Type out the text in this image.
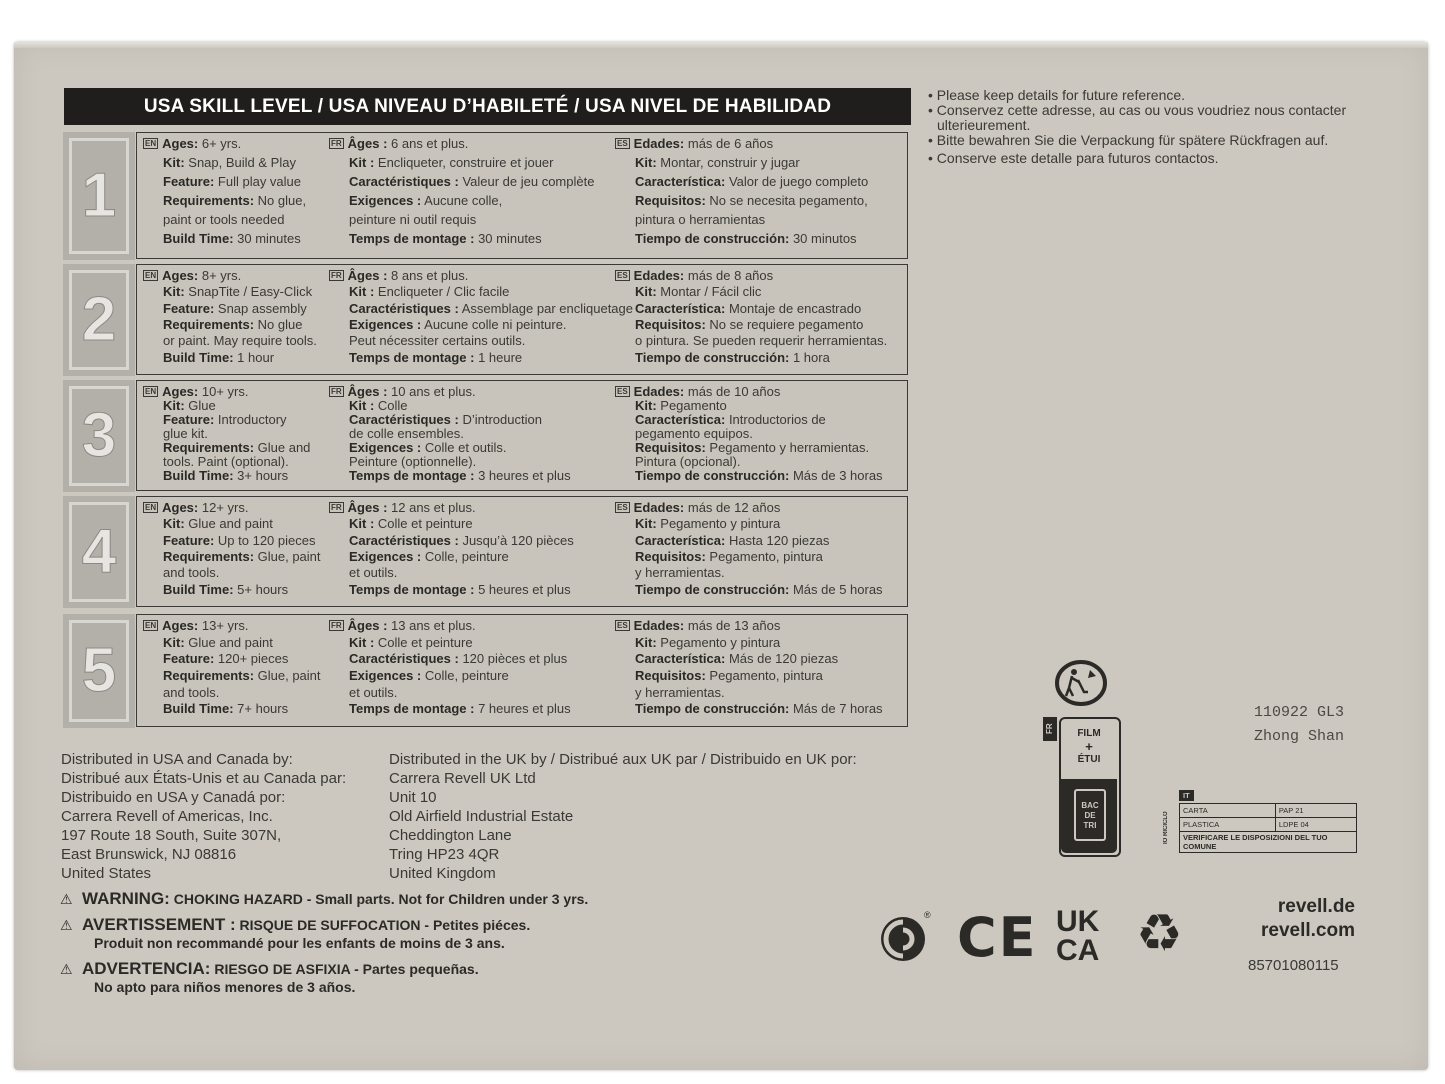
USA SKILL LEVEL / USA NIVEAU D’HABILETÉ / USA NIVEL DE HABILIDAD
1
EN Ages: 6+ yrs.
Kit: Snap, Build & Play
Feature: Full play value
Requirements: No glue,
paint or tools needed
Build Time: 30 minutes
FR Âges : 6 ans et plus.
Kit : Encliqueter, construire et jouer
Caractéristiques : Valeur de jeu complète
Exigences : Aucune colle,
peinture ni outil requis
Temps de montage : 30 minutes
ES Edades: más de 6 años
Kit: Montar, construir y jugar
Característica: Valor de juego completo
Requisitos: No se necesita pegamento,
pintura o herramientas
Tiempo de construcción: 30 minutos
2
EN Ages: 8+ yrs.
Kit: SnapTite / Easy-Click
Feature: Snap assembly
Requirements: No glue
or paint. May require tools.
Build Time: 1 hour
FR Âges : 8 ans et plus.
Kit : Encliqueter / Clic facile
Caractéristiques : Assemblage par encliquetage
Exigences : Aucune colle ni peinture.
Peut nécessiter certains outils.
Temps de montage : 1 heure
ES Edades: más de 8 años
Kit: Montar / Fácil clic
Característica: Montaje de encastrado
Requisitos: No se requiere pegamento
o pintura. Se pueden requerir herramientas.
Tiempo de construcción: 1 hora
3
EN Ages: 10+ yrs.
Kit: Glue
Feature: Introductory
glue kit.
Requirements: Glue and
tools. Paint (optional).
Build Time: 3+ hours
FR Âges : 10 ans et plus.
Kit : Colle
Caractéristiques : D’introduction
de colle ensembles.
Exigences : Colle et outils.
Peinture (optionnelle).
Temps de montage : 3 heures et plus
ES Edades: más de 10 años
Kit: Pegamento
Característica: Introductorios de
pegamento equipos.
Requisitos: Pegamento y herramientas.
Pintura (opcional).
Tiempo de construcción: Más de 3 horas
4
EN Ages: 12+ yrs.
Kit: Glue and paint
Feature: Up to 120 pieces
Requirements: Glue, paint
and tools.
Build Time: 5+ hours
FR Âges : 12 ans et plus.
Kit : Colle et peinture
Caractéristiques : Jusqu’à 120 pièces
Exigences : Colle, peinture
et outils.
Temps de montage : 5 heures et plus
ES Edades: más de 12 años
Kit: Pegamento y pintura
Característica: Hasta 120 piezas
Requisitos: Pegamento, pintura
y herramientas.
Tiempo de construcción: Más de 5 horas
5
EN Ages: 13+ yrs.
Kit: Glue and paint
Feature: 120+ pieces
Requirements: Glue, paint
and tools.
Build Time: 7+ hours
FR Âges : 13 ans et plus.
Kit : Colle et peinture
Caractéristiques : 120 pièces et plus
Exigences : Colle, peinture
et outils.
Temps de montage : 7 heures et plus
ES Edades: más de 13 años
Kit: Pegamento y pintura
Característica: Más de 120 piezas
Requisitos: Pegamento, pintura
y herramientas.
Tiempo de construcción: Más de 7 horas
• Please keep details for future reference.
• Conservez cette adresse, au cas ou vous voudriez nous contacter
ulterieurement.
• Bitte bewahren Sie die Verpackung für spätere Rückfragen auf.
• Conserve este detalle para futuros contactos.
Distributed in USA and Canada by:
Distribué aux États-Unis et au Canada par:
Distribuido en USA y Canadá por:
Carrera Revell of Americas, Inc.
197 Route 18 South, Suite 307N,
East Brunswick, NJ 08816
United States
Distributed in the UK by / Distribué aux UK par / Distribuido en UK por:
Carrera Revell UK Ltd
Unit 10
Old Airfield Industrial Estate
Cheddington Lane
Tring HP23 4QR
United Kingdom
⚠ WARNING: CHOKING HAZARD - Small parts. Not for Children under 3 yrs.
⚠ AVERTISSEMENT : RISQUE DE SUFFOCATION - Petites piéces.
Produit non recommandé pour les enfants de moins de 3 ans.
⚠ ADVERTENCIA: RIESGO DE ASFIXIA - Partes pequeñas.
No apto para niños menores de 3 años.
110922 GL3
Zhong Shan
85701080115
revell.de
revell.com
FR	FILM
+
ÉTUI
BAC
DE
TRI
IT
IO RICICLO
CARTA	PAP 21
PLASTICA	LDPE 04
VERIFICARE LE DISPOSIZIONI DEL TUO COMUNE	
® CE UK
CA ♻
